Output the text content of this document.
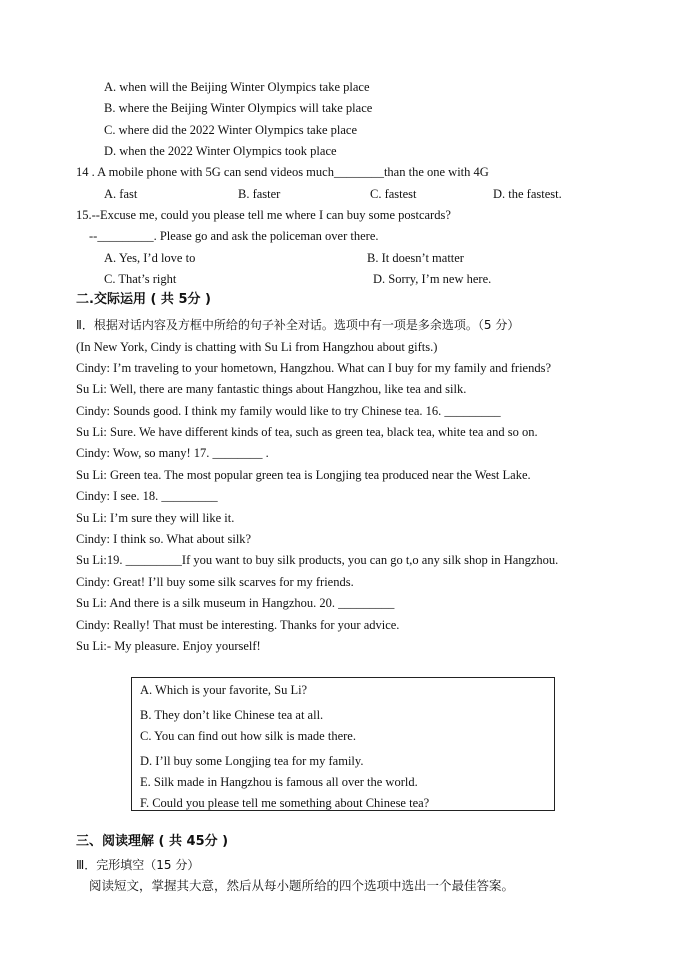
A. when will the Beijing Winter Olympics take place
B. where the Beijing Winter Olympics will take place
C. where did the 2022 Winter Olympics take place
D. when the 2022 Winter Olympics took place
14 . A mobile phone with 5G can send videos much________than the one with 4G
A. fast	B. faster	C. fastest	D. the fastest.
15.--Excuse me, could you please tell me where I can buy some postcards?
--_________. Please go and ask the policeman over there.
A. Yes, I’d love to	B. It doesn’t matter
C. That’s right	D. Sorry, I’m new here.
二.交际运用 ( 共 5分 )
Ⅱ．根据对话内容及方框中所给的句子补全对话。选项中有一项是多余选项。（5 分）
(In New York, Cindy is chatting with Su Li from Hangzhou about gifts.)
Cindy: I’m traveling to your hometown, Hangzhou. What can I buy for my family and friends?
Su Li: Well, there are many fantastic things about Hangzhou, like tea and silk.
Cindy: Sounds good. I think my family would like to try Chinese tea. 16. _________
Su Li: Sure. We have different kinds of tea, such as green tea, black tea, white tea and so on.
Cindy: Wow, so many! 17. ________ .
Su Li: Green tea. The most popular green tea is Longjing tea produced near the West Lake.
Cindy: I see. 18. _________
Su Li: I’m sure they will like it.
Cindy: I think so. What about silk?
Su Li:19. _________If you want to buy silk products, you can go t,o any silk shop in Hangzhou.
Cindy: Great! I’ll buy some silk scarves for my friends.
Su Li: And there is a silk museum in Hangzhou. 20. _________
Cindy: Really! That must be interesting. Thanks for your advice.
Su Li:- My pleasure. Enjoy yourself!
A. Which is your favorite, Su Li?
B. They don’t like Chinese tea at all.
C. You can find out how silk is made there.
D. I’ll buy some Longjing tea for my family.
E. Silk made in Hangzhou is famous all over the world.
F. Could you please tell me something about Chinese tea?
三、阅读理解 ( 共 45分 )
Ⅲ．完形填空（15 分）
阅读短文，掌握其大意，然后从每小题所给的四个选项中选出一个最佳答案。
